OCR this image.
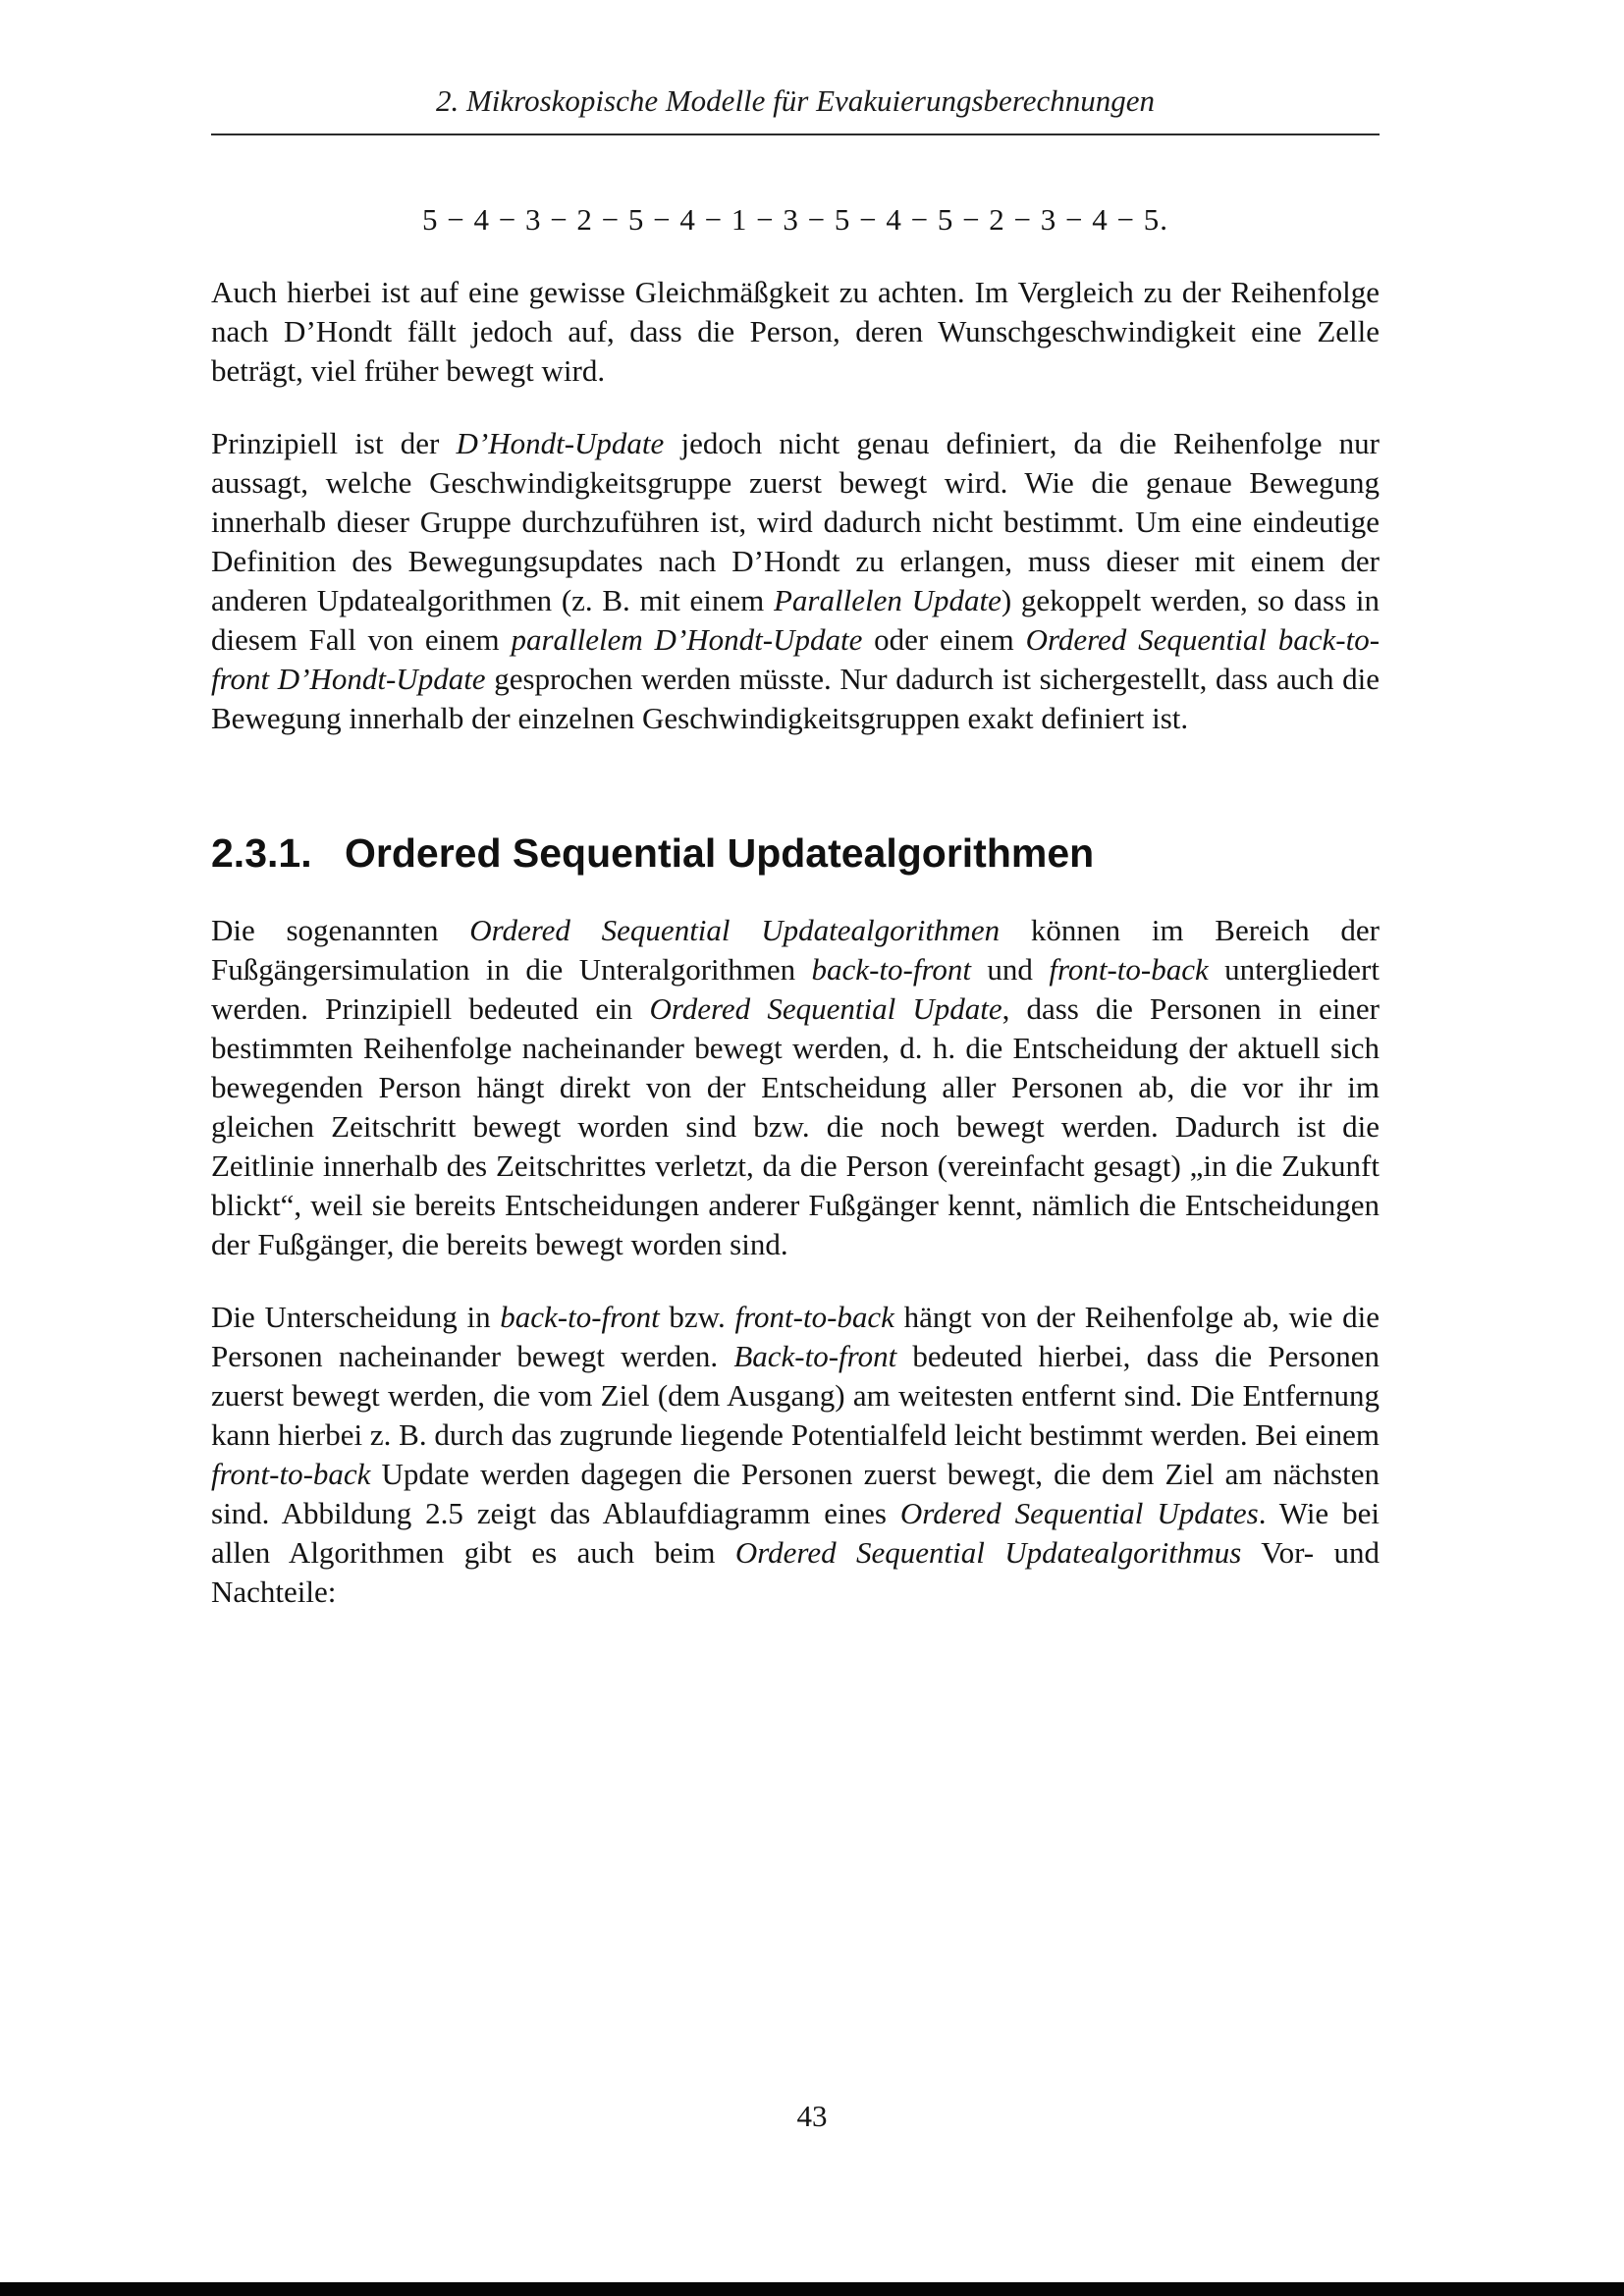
2. Mikroskopische Modelle für Evakuierungsberechnungen
5 − 4 − 3 − 2 − 5 − 4 − 1 − 3 − 5 − 4 − 5 − 2 − 3 − 4 − 5.

Auch hierbei ist auf eine gewisse Gleichmäßgkeit zu achten. Im Vergleich zu der Reihenfolge nach D’Hondt fällt jedoch auf, dass die Person, deren Wunschgeschwindigkeit eine Zelle beträgt, viel früher bewegt wird.

Prinzipiell ist der D’Hondt-Update jedoch nicht genau definiert, da die Reihenfolge nur aussagt, welche Geschwindigkeitsgruppe zuerst bewegt wird. Wie die genaue Bewegung innerhalb dieser Gruppe durchzuführen ist, wird dadurch nicht bestimmt. Um eine eindeutige Definition des Bewegungsupdates nach D’Hondt zu erlangen, muss dieser mit einem der anderen Updatealgorithmen (z. B. mit einem Parallelen Update) gekoppelt werden, so dass in diesem Fall von einem parallelem D’Hondt-Update oder einem Ordered Sequential back-to-front D’Hondt-Update gesprochen werden müsste. Nur dadurch ist sichergestellt, dass auch die Bewegung innerhalb der einzelnen Geschwindigkeitsgruppen exakt definiert ist.

2.3.1. Ordered Sequential Updatealgorithmen

Die sogenannten Ordered Sequential Updatealgorithmen können im Bereich der Fußgängersimulation in die Unteralgorithmen back-to-front und front-to-back untergliedert werden. Prinzipiell bedeuted ein Ordered Sequential Update, dass die Personen in einer bestimmten Reihenfolge nacheinander bewegt werden, d. h. die Entscheidung der aktuell sich bewegenden Person hängt direkt von der Entscheidung aller Personen ab, die vor ihr im gleichen Zeitschritt bewegt worden sind bzw. die noch bewegt werden. Dadurch ist die Zeitlinie innerhalb des Zeitschrittes verletzt, da die Person (vereinfacht gesagt) „in die Zukunft blickt“, weil sie bereits Entscheidungen anderer Fußgänger kennt, nämlich die Entscheidungen der Fußgänger, die bereits bewegt worden sind.

Die Unterscheidung in back-to-front bzw. front-to-back hängt von der Reihenfolge ab, wie die Personen nacheinander bewegt werden. Back-to-front bedeuted hierbei, dass die Personen zuerst bewegt werden, die vom Ziel (dem Ausgang) am weitesten entfernt sind. Die Entfernung kann hierbei z. B. durch das zugrunde liegende Potentialfeld leicht bestimmt werden. Bei einem front-to-back Update werden dagegen die Personen zuerst bewegt, die dem Ziel am nächsten sind. Abbildung 2.5 zeigt das Ablaufdiagramm eines Ordered Sequential Updates. Wie bei allen Algorithmen gibt es auch beim Ordered Sequential Updatealgorithmus Vor- und Nachteile:

43
